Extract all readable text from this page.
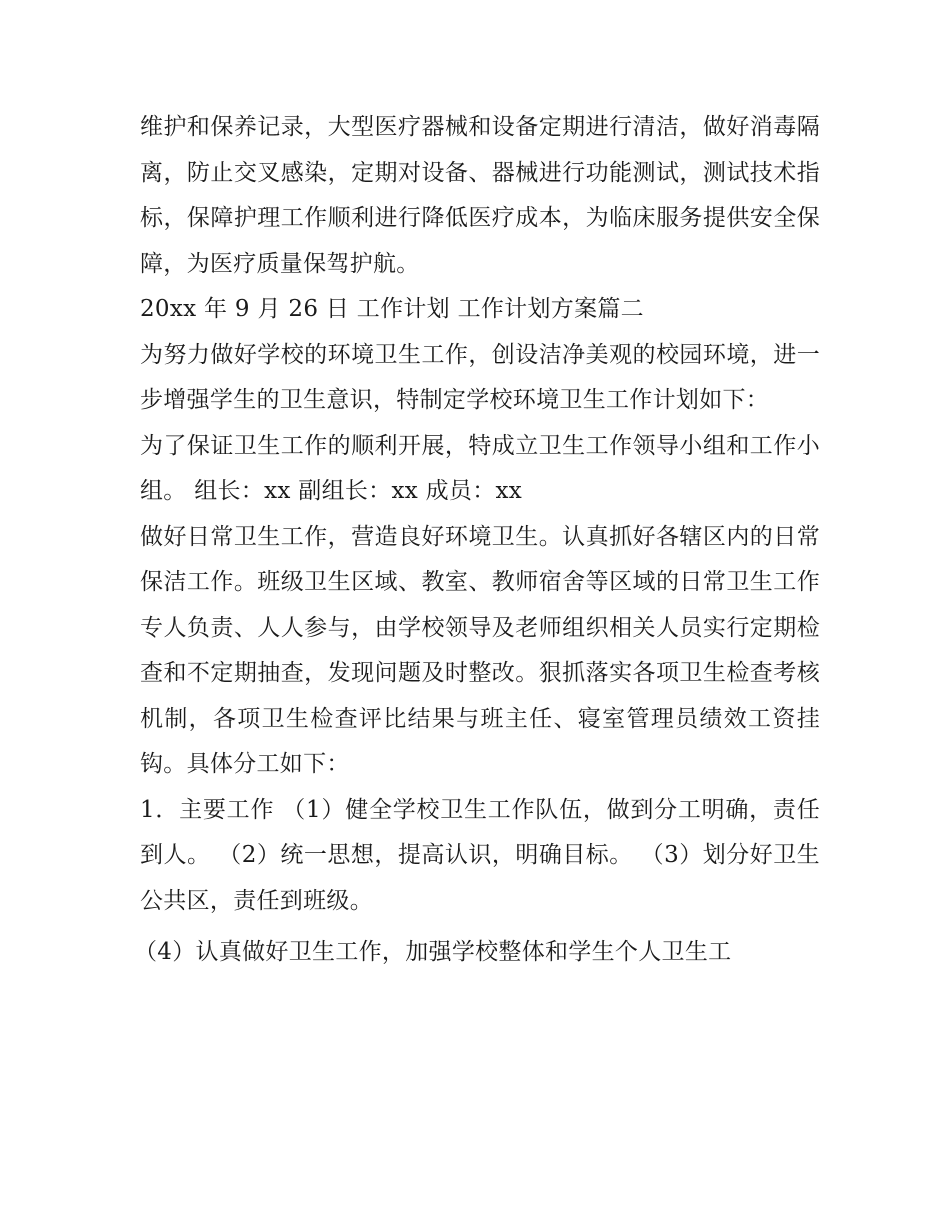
维护和保养记录，大型医疗器械和设备定期进行清洁，做好消毒隔离，防止交叉感染，定期对设备、器械进行功能测试，测试技术指标，保障护理工作顺利进行降低医疗成本，为临床服务提供安全保障，为医疗质量保驾护航。

20xx 年 9 月 26 日 工作计划 工作计划方案篇二

为努力做好学校的环境卫生工作，创设洁净美观的校园环境，进一步增强学生的卫生意识，特制定学校环境卫生工作计划如下：

为了保证卫生工作的顺利开展，特成立卫生工作领导小组和工作小组。 组长：xx 副组长：xx 成员：xx

做好日常卫生工作，营造良好环境卫生。认真抓好各辖区内的日常保洁工作。班级卫生区域、教室、教师宿舍等区域的日常卫生工作专人负责、人人参与，由学校领导及老师组织相关人员实行定期检查和不定期抽查，发现问题及时整改。狠抓落实各项卫生检查考核机制，各项卫生检查评比结果与班主任、寝室管理员绩效工资挂钩。具体分工如下：

1．主要工作 （1）健全学校卫生工作队伍，做到分工明确，责任到人。 （2）统一思想，提高认识，明确目标。 （3）划分好卫生公共区，责任到班级。

（4）认真做好卫生工作，加强学校整体和学生个人卫生工
